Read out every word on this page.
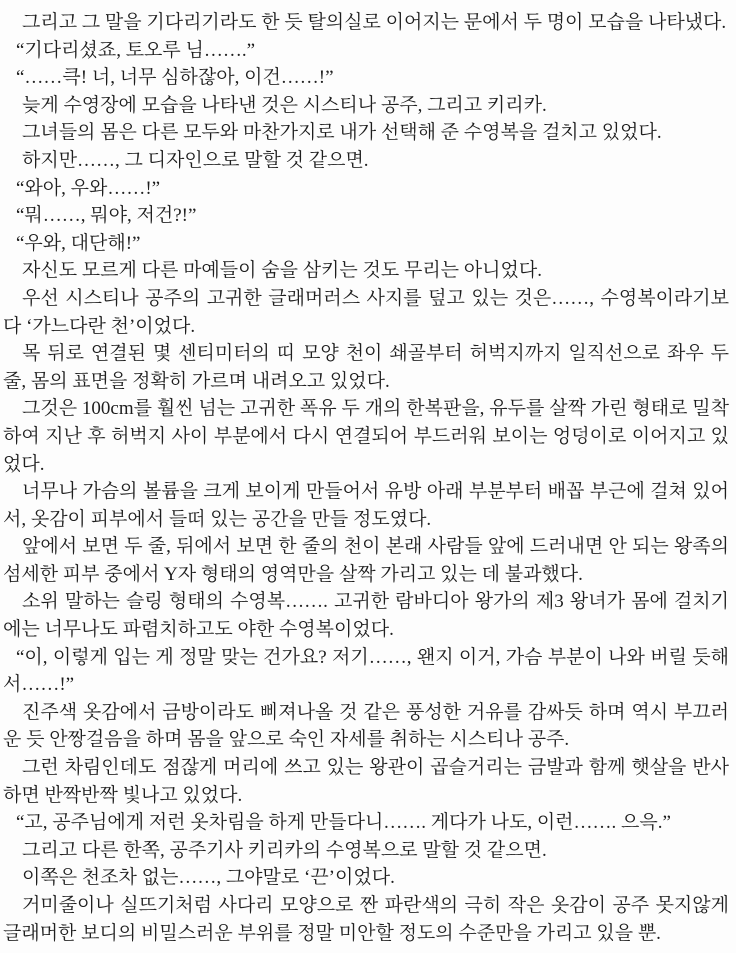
그리고 그 말을 기다리기라도 한 듯 탈의실로 이어지는 문에서 두 명이 모습을 나타냈다.

“기다리셨죠, 토오루 님…….”

“……큭! 너, 너무 심하잖아, 이건……!”

늦게 수영장에 모습을 나타낸 것은 시스티나 공주, 그리고 키리카.

그녀들의 몸은 다른 모두와 마찬가지로 내가 선택해 준 수영복을 걸치고 있었다.

하지만……, 그 디자인으로 말할 것 같으면.

“와아, 우와……!”

“뭐……, 뭐야, 저건?!”

“우와, 대단해!”

자신도 모르게 다른 마예들이 숨을 삼키는 것도 무리는 아니었다.

우선 시스티나 공주의 고귀한 글래머러스 사지를 덮고 있는 것은……, 수영복이라기보다 ‘가느다란 천’이었다.

목 뒤로 연결된 몇 센티미터의 띠 모양 천이 쇄골부터 허벅지까지 일직선으로 좌우 두 줄, 몸의 표면을 정확히 가르며 내려오고 있었다.

그것은 100cm를 훨씬 넘는 고귀한 폭유 두 개의 한복판을, 유두를 살짝 가린 형태로 밀착하여 지난 후 허벅지 사이 부분에서 다시 연결되어 부드러워 보이는 엉덩이로 이어지고 있었다.

너무나 가슴의 볼륨을 크게 보이게 만들어서 유방 아래 부분부터 배꼽 부근에 걸쳐 있어서, 옷감이 피부에서 들떠 있는 공간을 만들 정도였다.

앞에서 보면 두 줄, 뒤에서 보면 한 줄의 천이 본래 사람들 앞에 드러내면 안 되는 왕족의 섬세한 피부 중에서 Y자 형태의 영역만을 살짝 가리고 있는 데 불과했다.

소위 말하는 슬링 형태의 수영복……. 고귀한 람바디아 왕가의 제3 왕녀가 몸에 걸치기에는 너무나도 파렴치하고도 야한 수영복이었다.

“이, 이렇게 입는 게 정말 맞는 건가요? 저기……, 왠지 이거, 가슴 부분이 나와 버릴 듯해서……!”

진주색 옷감에서 금방이라도 삐져나올 것 같은 풍성한 거유를 감싸듯 하며 역시 부끄러운 듯 안짱걸음을 하며 몸을 앞으로 숙인 자세를 취하는 시스티나 공주.

그런 차림인데도 점잖게 머리에 쓰고 있는 왕관이 곱슬거리는 금발과 함께 햇살을 반사하면 반짝반짝 빛나고 있었다.

“고, 공주님에게 저런 옷차림을 하게 만들다니……. 게다가 나도, 이런……. 으윽.”

그리고 다른 한쪽, 공주기사 키리카의 수영복으로 말할 것 같으면.

이쪽은 천조차 없는……, 그야말로 ‘끈’이었다.

거미줄이나 실뜨기처럼 사다리 모양으로 짠 파란색의 극히 작은 옷감이 공주 못지않게 글래머한 보디의 비밀스러운 부위를 정말 미안할 정도의 수준만을 가리고 있을 뿐.
